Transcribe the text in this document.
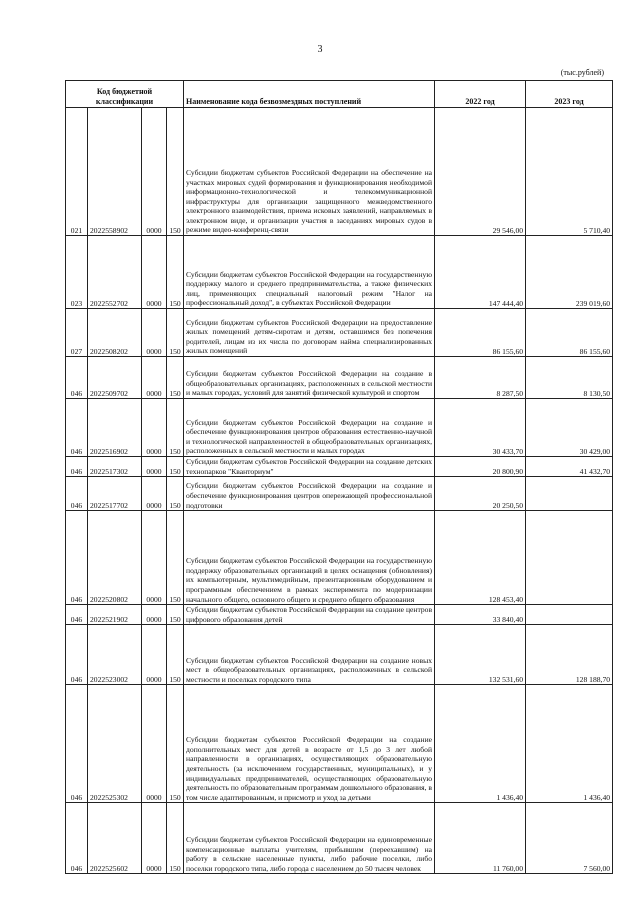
3
(тыс.рублей)
Код бюджетной классификации				Наименование кода безвозмездных поступлений	2022 год	2023 год
021	2022558902	0000	150	Субсидии бюджетам субъектов Российской Федерации на обеспечение на участках мировых судей формирования и функционирования необходимой информационно-технологической и телекоммуникационной инфраструктуры для организации защищенного межведомственного электронного взаимодействия, приема исковых заявлений, направляемых в электронном виде, и организации участия в заседаниях мировых судов в режиме видео-конференц-связи	29 546,00	5 710,40
023	2022552702	0000	150	Субсидии бюджетам субъектов Российской Федерации на государственную поддержку малого и среднего предпринимательства, а также физических лиц, применяющих специальный налоговый режим "Налог на профессиональный доход", в субъектах Российской Федерации	147 444,40	239 019,60
027	2022508202	0000	150	Субсидии бюджетам субъектов Российской Федерации на предоставление жилых помещений детям-сиротам и детям, оставшимся без попечения родителей, лицам из их числа по договорам найма специализированных жилых помещений	86 155,60	86 155,60
046	2022509702	0000	150	Субсидии бюджетам субъектов Российской Федерации на создание в общеобразовательных организациях, расположенных в сельской местности и малых городах, условий для занятий физической культурой и спортом	8 287,50	8 130,50
046	2022516902	0000	150	Субсидии бюджетам субъектов Российской Федерации на создание и обеспечение функционирования центров образования естественно-научной и технологической направленностей в общеобразовательных организациях, расположенных в сельской местности и малых городах	30 433,70	30 429,00
046	2022517302	0000	150	Субсидии бюджетам субъектов Российской Федерации на создание детских технопарков "Кванториум"	20 800,90	41 432,70
046	2022517702	0000	150	Субсидии бюджетам субъектов Российской Федерации на создание и обеспечение функционирования центров опережающей профессиональной подготовки	20 250,50	
046	2022520802	0000	150	Субсидии бюджетам субъектов Российской Федерации на государственную поддержку образовательных организаций в целях оснащения (обновления) их компьютерным, мультимедийным, презентационным оборудованием и программным обеспечением в рамках эксперимента по модернизации начального общего, основного общего и среднего общего образования	128 453,40	
046	2022521902	0000	150	Субсидии бюджетам субъектов Российской Федерации на создание центров цифрового образования детей	33 840,40	
046	2022523002	0000	150	Субсидии бюджетам субъектов Российской Федерации на создание новых мест в общеобразовательных организациях, расположенных в сельской местности и поселках городского типа	132 531,60	128 188,70
046	2022525302	0000	150	Субсидии бюджетам субъектов Российской Федерации на создание дополнительных мест для детей в возрасте от 1,5 до 3 лет любой направленности в организациях, осуществляющих образовательную деятельность (за исключением государственных, муниципальных), и у индивидуальных предпринимателей, осуществляющих образовательную деятельность по образовательным программам дошкольного образования, в том числе адаптированным, и присмотр и уход за детьми	1 436,40	1 436,40
046	2022525602	0000	150	Субсидии бюджетам субъектов Российской Федерации на единовременные компенсационные выплаты учителям, прибывшим (переехавшим) на работу в сельские населенные пункты, либо рабочие поселки, либо поселки городского типа, либо города с населением до 50 тысяч человек	11 760,00	7 560,00
